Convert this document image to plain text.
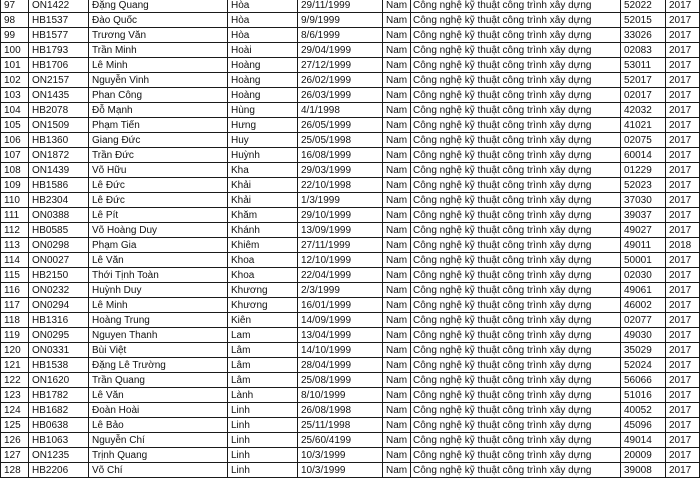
97	ON1422	Đặng Quang	Hòa	29/11/1999	Nam	Công nghệ kỹ thuật công trình xây dựng	52022	2017
98	HB1537	Đào Quốc	Hòa	9/9/1999	Nam	Công nghệ kỹ thuật công trình xây dựng	52015	2017
99	HB1577	Trương Văn	Hòa	8/6/1999	Nam	Công nghệ kỹ thuật công trình xây dựng	33026	2017
100	HB1793	Trần Minh	Hoài	29/04/1999	Nam	Công nghệ kỹ thuật công trình xây dựng	02083	2017
101	HB1706	Lê Minh	Hoàng	27/12/1999	Nam	Công nghệ kỹ thuật công trình xây dựng	53011	2017
102	ON2157	Nguyễn Vinh	Hoàng	26/02/1999	Nam	Công nghệ kỹ thuật công trình xây dựng	52017	2017
103	ON1435	Phan Công	Hoàng	26/03/1999	Nam	Công nghệ kỹ thuật công trình xây dựng	02017	2017
104	HB2078	Đỗ Mạnh	Hùng	4/1/1998	Nam	Công nghệ kỹ thuật công trình xây dựng	42032	2017
105	ON1509	Phạm Tiến	Hưng	26/05/1999	Nam	Công nghệ kỹ thuật công trình xây dựng	41021	2017
106	HB1360	Giang Đức	Huy	25/05/1998	Nam	Công nghệ kỹ thuật công trình xây dựng	02075	2017
107	ON1872	Trần Đức	Huỳnh	16/08/1999	Nam	Công nghệ kỹ thuật công trình xây dựng	60014	2017
108	ON1439	Võ Hữu	Kha	29/03/1999	Nam	Công nghệ kỹ thuật công trình xây dựng	01229	2017
109	HB1586	Lê Đức	Khải	22/10/1998	Nam	Công nghệ kỹ thuật công trình xây dựng	52023	2017
110	HB2304	Lê Đức	Khải	1/3/1999	Nam	Công nghệ kỹ thuật công trình xây dựng	37030	2017
111	ON0388	Lê Pít	Khăm	29/10/1999	Nam	Công nghệ kỹ thuật công trình xây dựng	39037	2017
112	HB0585	Võ Hoàng Duy	Khánh	13/09/1999	Nam	Công nghệ kỹ thuật công trình xây dựng	49027	2017
113	ON0298	Phạm Gia	Khiêm	27/11/1999	Nam	Công nghệ kỹ thuật công trình xây dựng	49011	2018
114	ON0027	Lê Văn	Khoa	12/10/1999	Nam	Công nghệ kỹ thuật công trình xây dựng	50001	2017
115	HB2150	Thới Tịnh Toàn	Khoa	22/04/1999	Nam	Công nghệ kỹ thuật công trình xây dựng	02030	2017
116	ON0232	Huỳnh Duy	Khương	2/3/1999	Nam	Công nghệ kỹ thuật công trình xây dựng	49061	2017
117	ON0294	Lê Minh	Khương	16/01/1999	Nam	Công nghệ kỹ thuật công trình xây dựng	46002	2017
118	HB1316	Hoàng Trung	Kiên	14/09/1999	Nam	Công nghệ kỹ thuật công trình xây dựng	02077	2017
119	ON0295	Nguyen Thanh	Lam	13/04/1999	Nam	Công nghệ kỹ thuật công trình xây dựng	49030	2017
120	ON0331	Bùi Việt	Lâm	14/10/1999	Nam	Công nghệ kỹ thuật công trình xây dựng	35029	2017
121	HB1538	Đặng Lê Trường	Lâm	28/04/1999	Nam	Công nghệ kỹ thuật công trình xây dựng	52024	2017
122	ON1620	Trần Quang	Lâm	25/08/1999	Nam	Công nghệ kỹ thuật công trình xây dựng	56066	2017
123	HB1782	Lê Văn	Lành	8/10/1999	Nam	Công nghệ kỹ thuật công trình xây dựng	51016	2017
124	HB1682	Đoàn Hoài	Linh	26/08/1998	Nam	Công nghệ kỹ thuật công trình xây dựng	40052	2017
125	HB0638	Lê Bảo	Linh	25/11/1998	Nam	Công nghệ kỹ thuật công trình xây dựng	45096	2017
126	HB1063	Nguyễn Chí	Linh	25/60/4199	Nam	Công nghệ kỹ thuật công trình xây dựng	49014	2017
127	ON1235	Trịnh Quang	Linh	10/3/1999	Nam	Công nghệ kỹ thuật công trình xây dựng	20009	2017
128	HB2206	Võ Chí	Linh	10/3/1999	Nam	Công nghệ kỹ thuật công trình xây dựng	39008	2017
